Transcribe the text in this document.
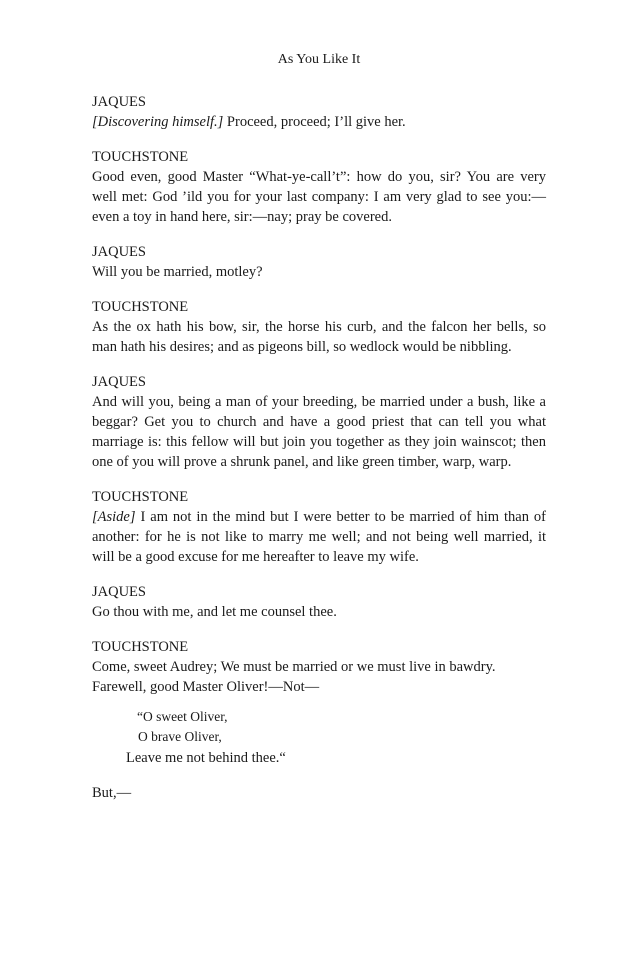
As You Like It
JAQUES
[Discovering himself.] Proceed, proceed; I’ll give her.
TOUCHSTONE
Good even, good Master “What-ye-call’t”: how do you, sir? You are very well met: God ’ild you for your last company: I am very glad to see you:—even a toy in hand here, sir:—nay; pray be covered.
JAQUES
Will you be married, motley?
TOUCHSTONE
As the ox hath his bow, sir, the horse his curb, and the falcon her bells, so man hath his desires; and as pigeons bill, so wedlock would be nibbling.
JAQUES
And will you, being a man of your breeding, be married under a bush, like a beggar? Get you to church and have a good priest that can tell you what marriage is: this fellow will but join you together as they join wainscot; then one of you will prove a shrunk panel, and like green timber, warp, warp.
TOUCHSTONE
[Aside] I am not in the mind but I were better to be married of him than of another: for he is not like to marry me well; and not being well married, it will be a good excuse for me hereafter to leave my wife.
JAQUES
Go thou with me, and let me counsel thee.
TOUCHSTONE
Come, sweet Audrey; We must be married or we must live in bawdry.
Farewell, good Master Oliver!—Not—
“O sweet Oliver,
O brave Oliver,
Leave me not behind thee.“
But,—
